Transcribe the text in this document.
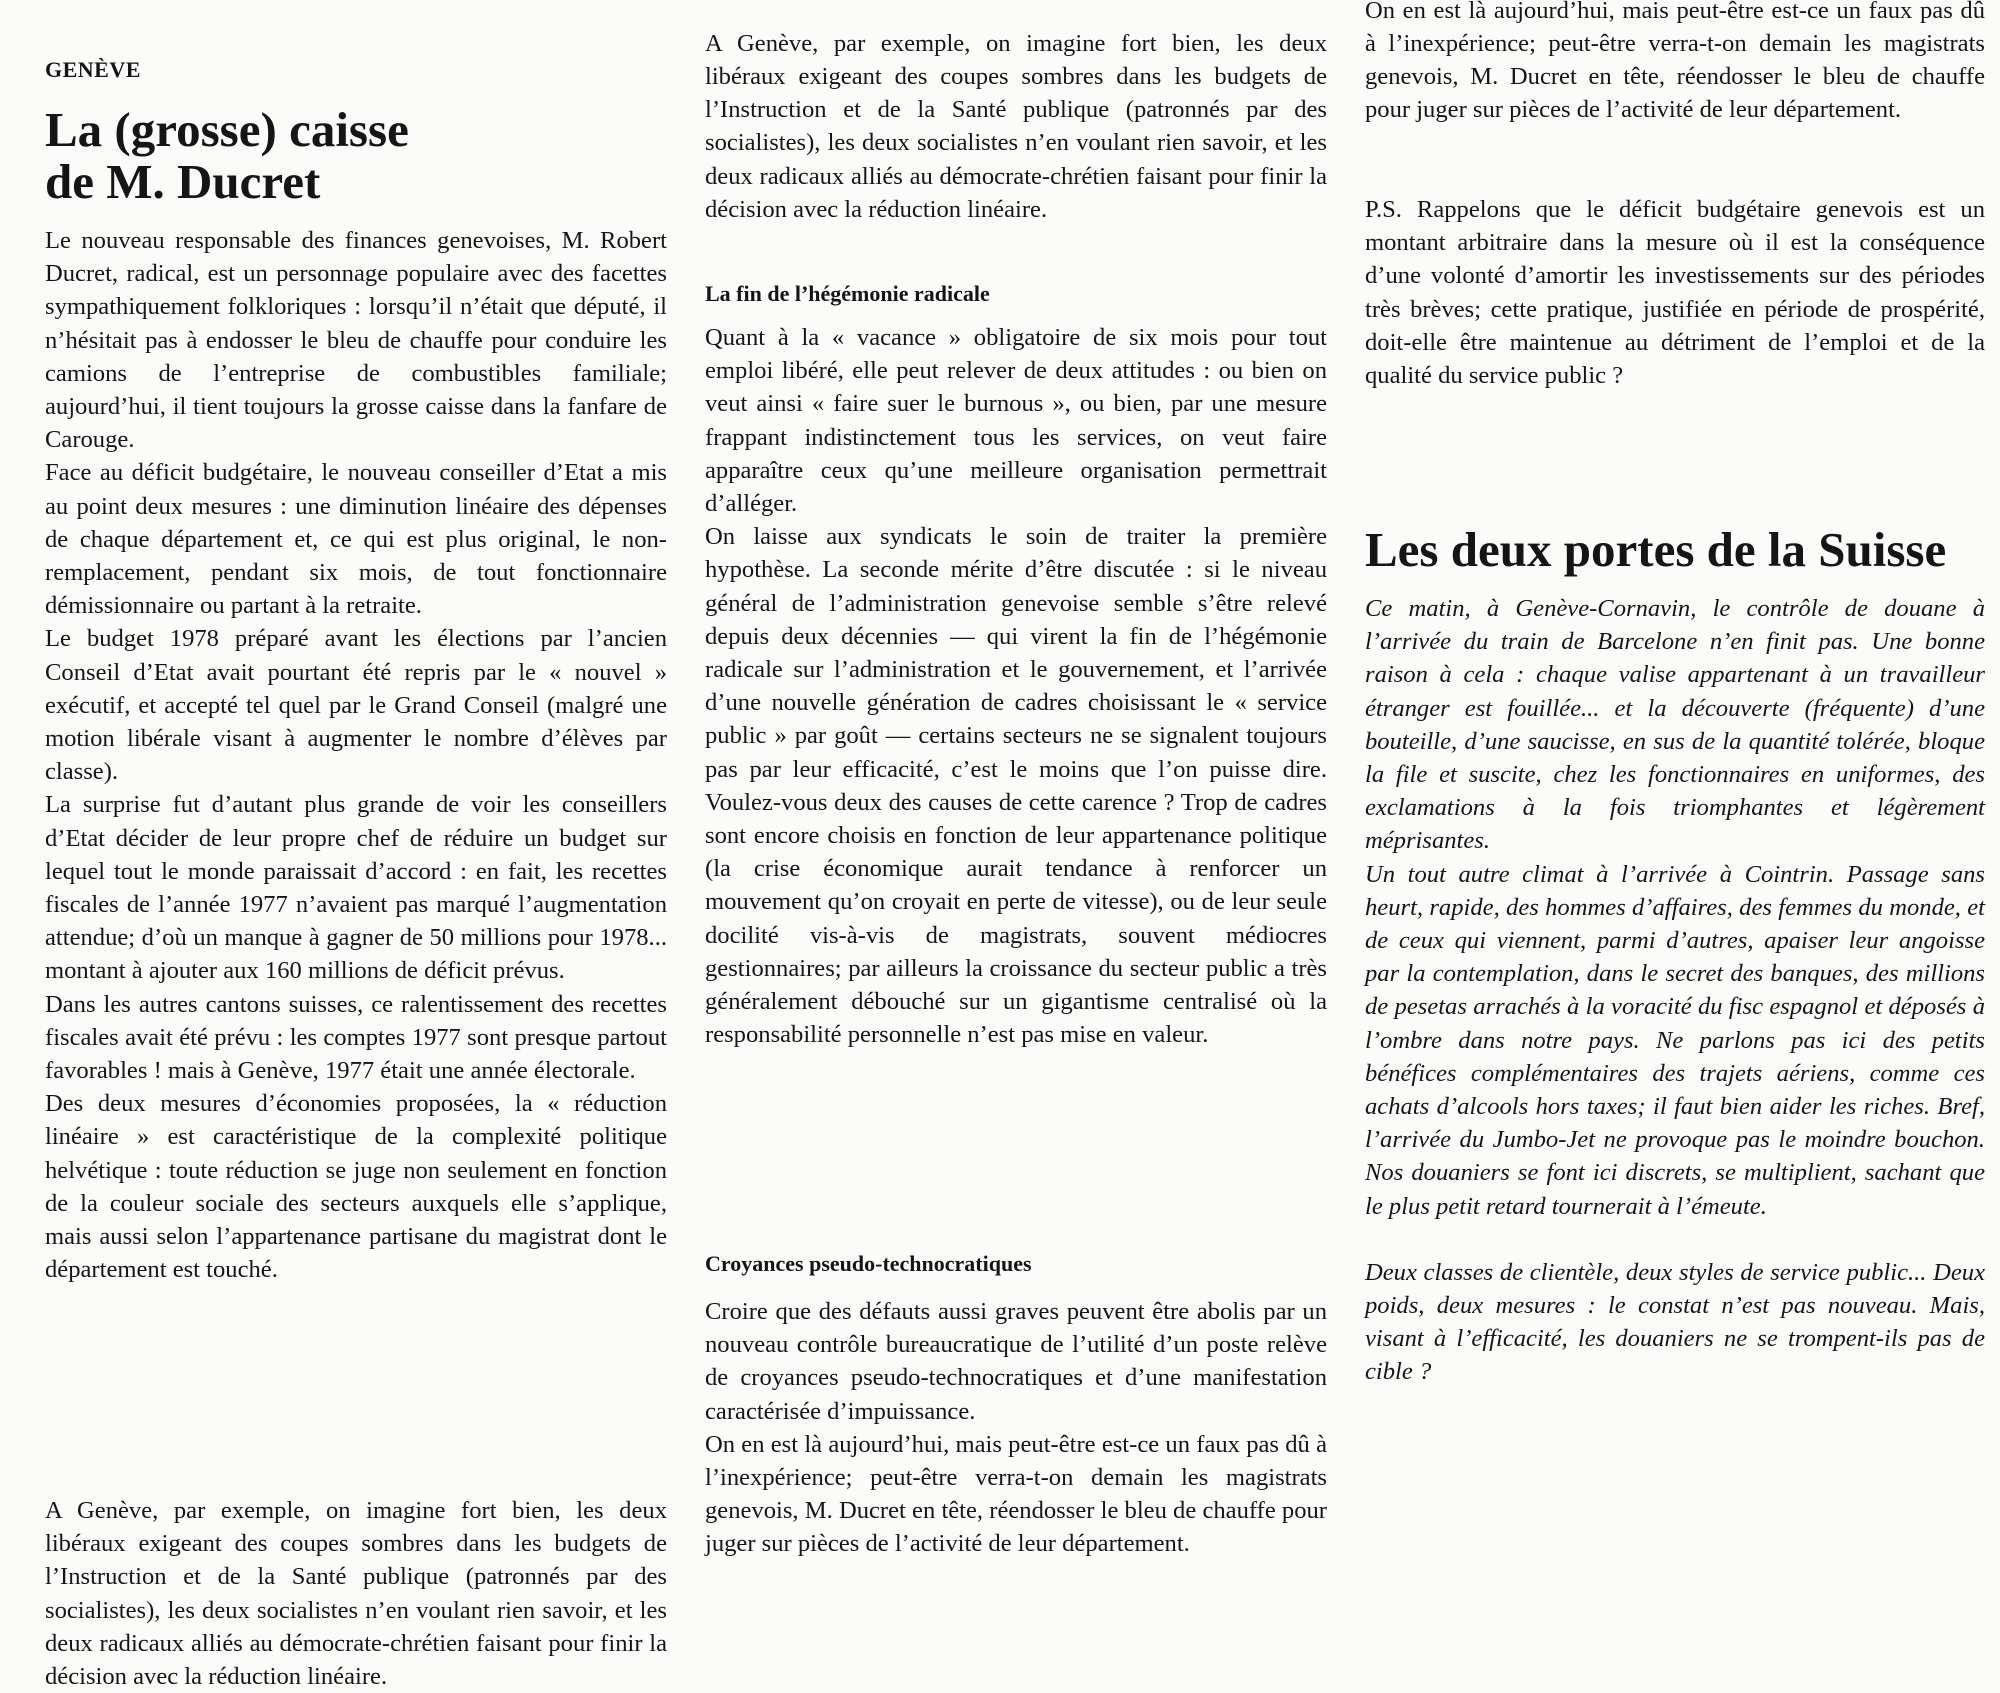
GENÈVE
La (grosse) caisse
de M. Ducret

Le nouveau responsable des finances genevoises, M. Robert Ducret, radical, est un personnage populaire avec des facettes sympathiquement folkloriques : lorsqu’il n’était que député, il n’hésitait pas à endosser le bleu de chauffe pour conduire les camions de l’entreprise de combustibles familiale; aujourd’hui, il tient toujours la grosse caisse dans la fanfare de Carouge.

Face au déficit budgétaire, le nouveau conseiller d’Etat a mis au point deux mesures : une diminution linéaire des dépenses de chaque département et, ce qui est plus original, le non-remplacement, pendant six mois, de tout fonctionnaire démissionnaire ou partant à la retraite.

Le budget 1978 préparé avant les élections par l’ancien Conseil d’Etat avait pourtant été repris par le « nouvel » exécutif, et accepté tel quel par le Grand Conseil (malgré une motion libérale visant à augmenter le nombre d’élèves par classe).

La surprise fut d’autant plus grande de voir les conseillers d’Etat décider de leur propre chef de réduire un budget sur lequel tout le monde paraissait d’accord : en fait, les recettes fiscales de l’année 1977 n’avaient pas marqué l’augmentation attendue; d’où un manque à gagner de 50 millions pour 1978... montant à ajouter aux 160 millions de déficit prévus.

Dans les autres cantons suisses, ce ralentissement des recettes fiscales avait été prévu : les comptes 1977 sont presque partout favorables ! mais à Genève, 1977 était une année électorale.

Des deux mesures d’économies proposées, la « réduction linéaire » est caractéristique de la complexité politique helvétique : toute réduction se juge non seulement en fonction de la couleur sociale des secteurs auxquels elle s’applique, mais aussi selon l’appartenance partisane du magistrat dont le département est touché.

A Genève, par exemple, on imagine fort bien, les deux libéraux exigeant des coupes sombres dans les budgets de l’Instruction et de la Santé publique (patronnés par des socialistes), les deux socialistes n’en voulant rien savoir, et les deux radicaux alliés au démocrate-chrétien faisant pour finir la décision avec la réduction linéaire.

A Genève, par exemple, on imagine fort bien, les deux libéraux exigeant des coupes sombres dans les budgets de l’Instruction et de la Santé publique (patronnés par des socialistes), les deux socialistes n’en voulant rien savoir, et les deux radicaux alliés au démocrate-chrétien faisant pour finir la décision avec la réduction linéaire.

La fin de l’hégémonie radicale

Quant à la « vacance » obligatoire de six mois pour tout emploi libéré, elle peut relever de deux attitudes : ou bien on veut ainsi « faire suer le burnous », ou bien, par une mesure frappant indistinctement tous les services, on veut faire apparaître ceux qu’une meilleure organisation permettrait d’alléger.

On laisse aux syndicats le soin de traiter la première hypothèse. La seconde mérite d’être discutée : si le niveau général de l’administration genevoise semble s’être relevé depuis deux décennies — qui virent la fin de l’hégémonie radicale sur l’administration et le gouvernement, et l’arrivée d’une nouvelle génération de cadres choisissant le « service public » par goût — certains secteurs ne se signalent toujours pas par leur efficacité, c’est le moins que l’on puisse dire. Voulez-vous deux des causes de cette carence ? Trop de cadres sont encore choisis en fonction de leur appartenance politique (la crise économique aurait tendance à renforcer un mouvement qu’on croyait en perte de vitesse), ou de leur seule docilité vis-à-vis de magistrats, souvent médiocres gestionnaires; par ailleurs la croissance du secteur public a très généralement débouché sur un gigantisme centralisé où la responsabilité personnelle n’est pas mise en valeur.

Croyances pseudo-technocratiques

Croire que des défauts aussi graves peuvent être abolis par un nouveau contrôle bureaucratique de l’utilité d’un poste relève de croyances pseudo-technocratiques et d’une manifestation caractérisée d’impuissance.

On en est là aujourd’hui, mais peut-être est-ce un faux pas dû à l’inexpérience; peut-être verra-t-on demain les magistrats genevois, M. Ducret en tête, réendosser le bleu de chauffe pour juger sur pièces de l’activité de leur département.

On en est là aujourd’hui, mais peut-être est-ce un faux pas dû à l’inexpérience; peut-être verra-t-on demain les magistrats genevois, M. Ducret en tête, réendosser le bleu de chauffe pour juger sur pièces de l’activité de leur département.

P.S. Rappelons que le déficit budgétaire genevois est un montant arbitraire dans la mesure où il est la conséquence d’une volonté d’amortir les investissements sur des périodes très brèves; cette pratique, justifiée en période de prospérité, doit-elle être maintenue au détriment de l’emploi et de la qualité du service public ?

Les deux portes de la Suisse

Ce matin, à Genève-Cornavin, le contrôle de douane à l’arrivée du train de Barcelone n’en finit pas. Une bonne raison à cela : chaque valise appartenant à un travailleur étranger est fouillée... et la découverte (fréquente) d’une bouteille, d’une saucisse, en sus de la quantité tolérée, bloque la file et suscite, chez les fonctionnaires en uniformes, des exclamations à la fois triomphantes et légèrement méprisantes.

Un tout autre climat à l’arrivée à Cointrin. Passage sans heurt, rapide, des hommes d’affaires, des femmes du monde, et de ceux qui viennent, parmi d’autres, apaiser leur angoisse par la contemplation, dans le secret des banques, des millions de pesetas arrachés à la voracité du fisc espagnol et déposés à l’ombre dans notre pays. Ne parlons pas ici des petits bénéfices complémentaires des trajets aériens, comme ces achats d’alcools hors taxes; il faut bien aider les riches. Bref, l’arrivée du Jumbo-Jet ne provoque pas le moindre bouchon. Nos douaniers se font ici discrets, se multiplient, sachant que le plus petit retard tournerait à l’émeute.

Deux classes de clientèle, deux styles de service public... Deux poids, deux mesures : le constat n’est pas nouveau. Mais, visant à l’efficacité, les douaniers ne se trompent-ils pas de cible ?
